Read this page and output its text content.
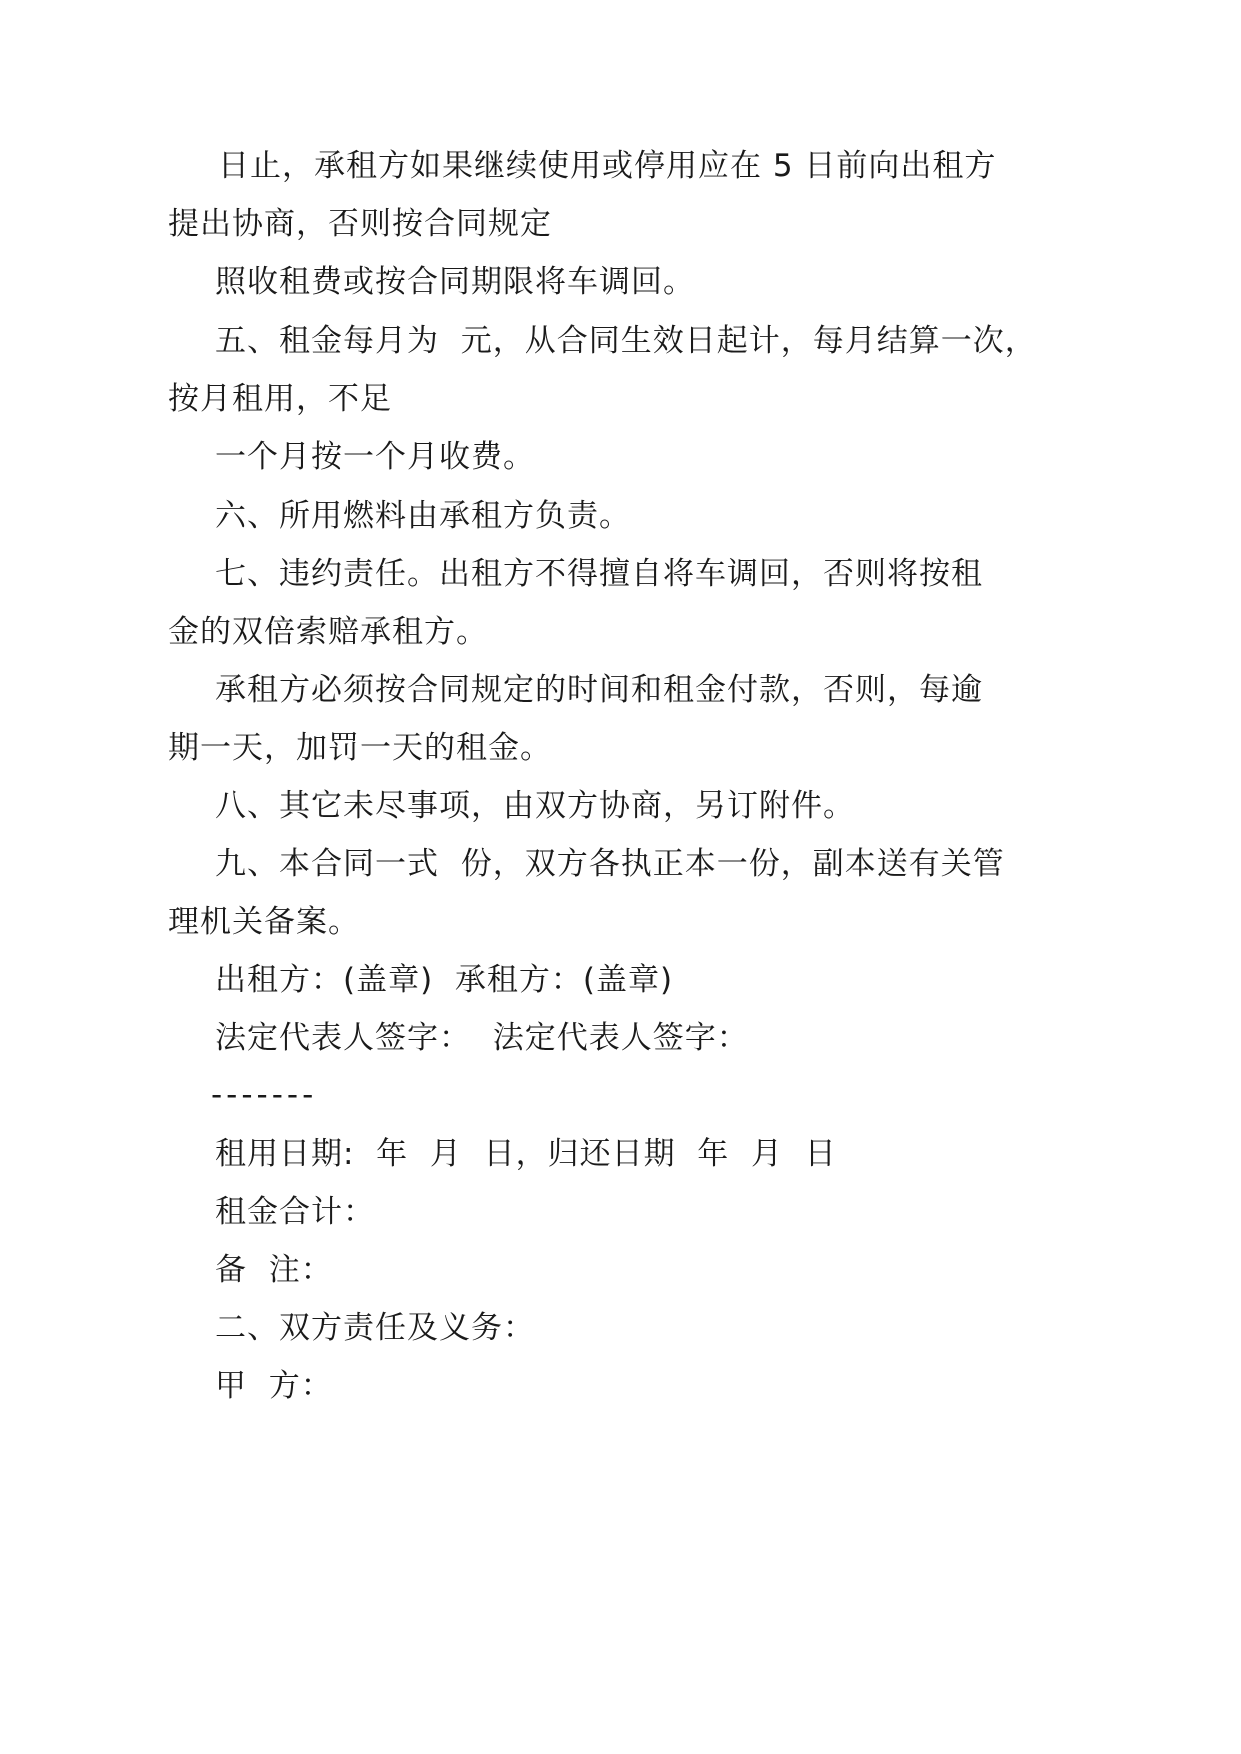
日止，承租方如果继续使用或停用应在 5 日前向出租方
提出协商，否则按合同规定
照收租费或按合同期限将车调回。
五、租金每月为  元，从合同生效日起计，每月结算一次，
按月租用，不足
一个月按一个月收费。
六、所用燃料由承租方负责。
七、违约责任。出租方不得擅自将车调回，否则将按租
金的双倍索赔承租方。
承租方必须按合同规定的时间和租金付款，否则，每逾
期一天，加罚一天的租金。
八、其它未尽事项，由双方协商，另订附件。
九、本合同一式  份，双方各执正本一份，副本送有关管
理机关备案。
出租方：(盖章)  承租方：(盖章)
法定代表人签字：  法定代表人签字：
-------
租用日期:  年  月  日，归还日期  年  月  日
租金合计：
备  注：
二、双方责任及义务：
甲  方：
